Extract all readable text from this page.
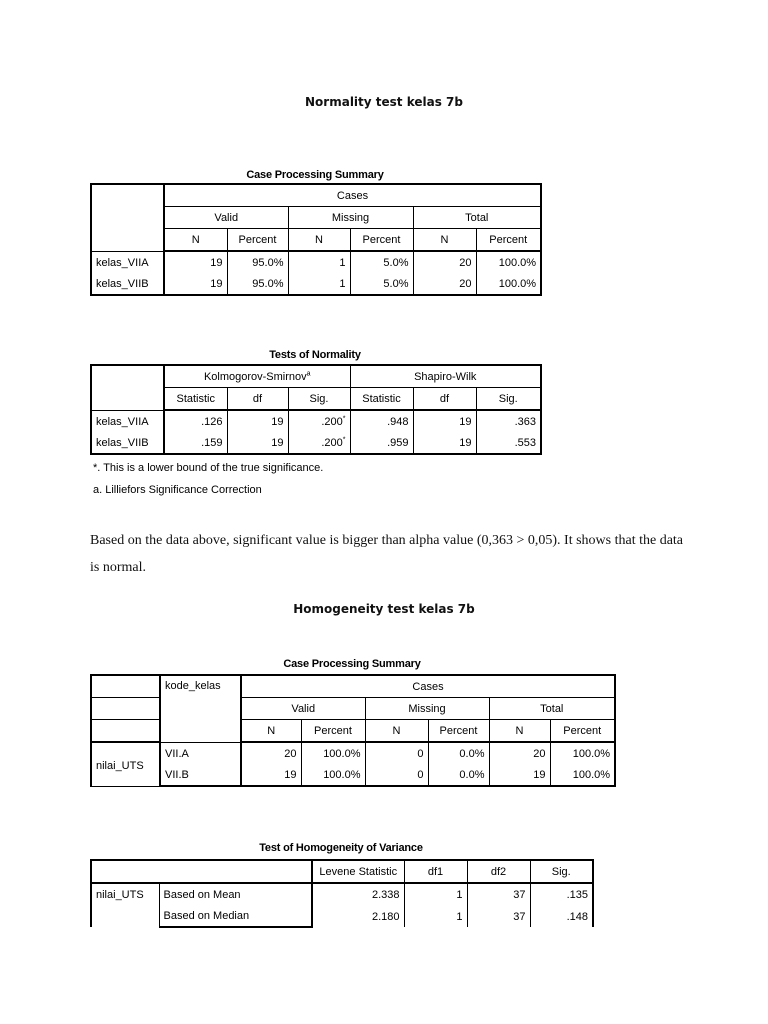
Normality test kelas 7b
Case Processing Summary
	Cases					
	Valid		Missing		Total	
	N	Percent	N	Percent	N	Percent
kelas_VIIA	19	95.0%	1	5.0%	20	100.0%
kelas_VIIB	19	95.0%	1	5.0%	20	100.0%
Tests of Normality
	Kolmogorov-Smirnov$^a$			Shapiro-Wilk		
	Statistic	df	Sig.	Statistic	df	Sig.
kelas_VIIA	.126	19	.200*	.948	19	.363
kelas_VIIB	.159	19	.200*	.959	19	.553
*. This is a lower bound of the true significance.
a. Lilliefors Significance Correction
Based on the data above, significant value is bigger than alpha value (0,363 > 0,05). It shows that the data is normal.
Homogeneity test kelas 7b
Case Processing Summary
	kode_kelas	Cases					
		Valid		Missing		Total	
		N	Percent	N	Percent	N	Percent
nilai_UTS	VII.A	20	100.0%	0	0.0%	20	100.0%
	VII.B	19	100.0%	0	0.0%	19	100.0%
Test of Homogeneity of Variance
		Levene Statistic	df1	df2	Sig.
nilai_UTS	Based on Mean	2.338	1	37	.135
	Based on Median	2.180	1	37	.148
